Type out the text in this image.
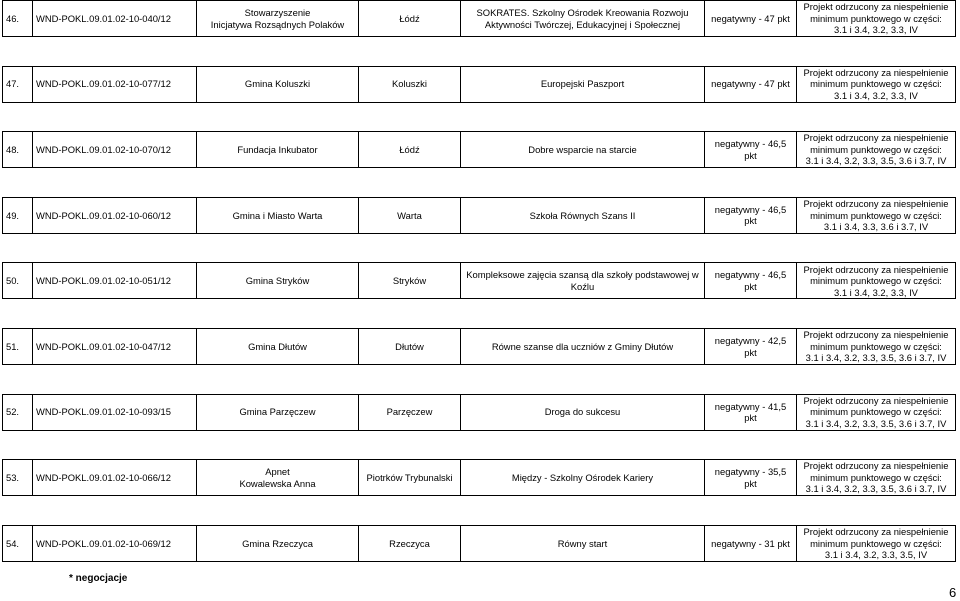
46.	WND-POKL.09.01.02-10-040/12	Stowarzyszenie
Inicjatywa Rozsądnych Polaków	Łódź	SOKRATES. Szkolny Ośrodek Kreowania Rozwoju
Aktywności Twórczej, Edukacyjnej i Społecznej	negatywny - 47 pkt	Projekt odrzucony za niespełnienie
minimum punktowego w części:
3.1 i 3.4, 3.2, 3.3, IV

47.	WND-POKL.09.01.02-10-077/12	Gmina Koluszki	Koluszki	Europejski Paszport	negatywny - 47 pkt	Projekt odrzucony za niespełnienie
minimum punktowego w części:
3.1 i 3.4, 3.2, 3.3, IV

48.	WND-POKL.09.01.02-10-070/12	Fundacja Inkubator	Łódź	Dobre wsparcie na starcie	negatywny - 46,5 pkt	Projekt odrzucony za niespełnienie
minimum punktowego w części:
3.1 i 3.4, 3.2, 3.3, 3.5, 3.6 i 3.7, IV

49.	WND-POKL.09.01.02-10-060/12	Gmina i Miasto Warta	Warta	Szkoła Równych Szans II	negatywny - 46,5 pkt	Projekt odrzucony za niespełnienie
minimum punktowego w części:
3.1 i 3.4, 3.3, 3.6 i 3.7, IV

50.	WND-POKL.09.01.02-10-051/12	Gmina Stryków	Stryków	Kompleksowe zajęcia szansą dla szkoły podstawowej w
Koźlu	negatywny - 46,5 pkt	Projekt odrzucony za niespełnienie
minimum punktowego w części:
3.1 i 3.4, 3.2, 3.3, IV

51.	WND-POKL.09.01.02-10-047/12	Gmina Dłutów	Dłutów	Równe szanse dla uczniów z Gminy Dłutów	negatywny - 42,5 pkt	Projekt odrzucony za niespełnienie
minimum punktowego w części:
3.1 i 3.4, 3.2, 3.3, 3.5, 3.6 i 3.7, IV

52.	WND-POKL.09.01.02-10-093/15	Gmina Parzęczew	Parzęczew	Droga do sukcesu	negatywny - 41,5 pkt	Projekt odrzucony za niespełnienie
minimum punktowego w części:
3.1 i 3.4, 3.2, 3.3, 3.5, 3.6 i 3.7, IV

53.	WND-POKL.09.01.02-10-066/12	Apnet
Kowalewska Anna	Piotrków Trybunalski	Między - Szkolny Ośrodek Kariery	negatywny - 35,5 pkt	Projekt odrzucony za niespełnienie
minimum punktowego w części:
3.1 i 3.4, 3.2, 3.3, 3.5, 3.6 i 3.7, IV

54.	WND-POKL.09.01.02-10-069/12	Gmina Rzeczyca	Rzeczyca	Równy start	negatywny - 31 pkt	Projekt odrzucony za niespełnienie
minimum punktowego w części:
3.1 i 3.4, 3.2, 3.3, 3.5, IV
* negocjacje
6
